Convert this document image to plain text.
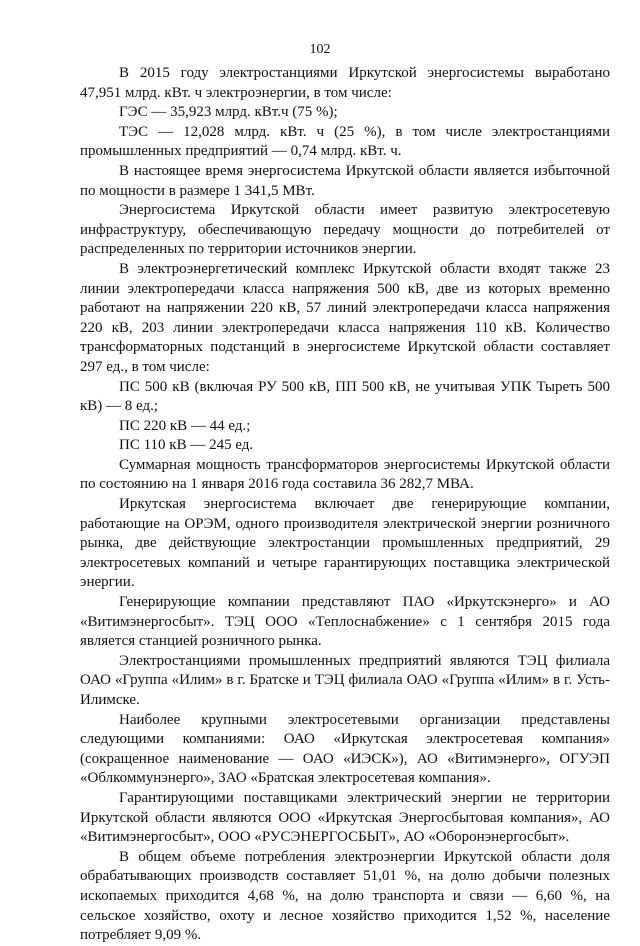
102

В 2015 году электростанциями Иркутской энергосистемы выработано 47,951 млрд. кВт. ч электроэнергии, в том числе:

ГЭС — 35,923 млрд. кВт.ч (75 %);

ТЭС — 12,028 млрд. кВт. ч (25 %), в том числе электростанциями промышленных предприятий — 0,74 млрд. кВт. ч.

В настоящее время энергосистема Иркутской области является избыточной по мощности в размере 1 341,5 МВт.

Энергосистема Иркутской области имеет развитую электросетевую инфраструктуру, обеспечивающую передачу мощности до потребителей от распределенных по территории источников энергии.

В электроэнергетический комплекс Иркутской области входят также 23 линии электропередачи класса напряжения 500 кВ, две из которых временно работают на напряжении 220 кВ, 57 линий электропередачи класса напряжения 220 кВ, 203 линии электропередачи класса напряжения 110 кВ. Количество трансформаторных подстанций в энергосистеме Иркутской области составляет 297 ед., в том числе:

ПС 500 кВ (включая РУ 500 кВ, ПП 500 кВ, не учитывая УПК Тыреть 500 кВ) — 8 ед.;

ПС 220 кВ — 44 ед.;

ПС 110 кВ — 245 ед.

Суммарная мощность трансформаторов энергосистемы Иркутской области по состоянию на 1 января 2016 года составила 36 282,7 МВА.

Иркутская энергосистема включает две генерирующие компании, работающие на ОРЭМ, одного производителя электрической энергии розничного рынка, две действующие электростанции промышленных предприятий, 29 электросетевых компаний и четыре гарантирующих поставщика электрической энергии.

Генерирующие компании представляют ПАО «Иркутскэнерго» и АО «Витимэнергосбыт». ТЭЦ ООО «Теплоснабжение» с 1 сентября 2015 года является станцией розничного рынка.

Электростанциями промышленных предприятий являются ТЭЦ филиала ОАО «Группа «Илим» в г. Братске и ТЭЦ филиала ОАО «Группа «Илим» в г. Усть-Илимске.

Наиболее крупными электросетевыми организации представлены следующими компаниями: ОАО «Иркутская электросетевая компания» (сокращенное наименование — ОАО «ИЭСК»), АО «Витимэнерго», ОГУЭП «Облкоммунэнерго», ЗАО «Братская электросетевая компания».

Гарантирующими поставщиками электрический энергии не территории Иркутской области являются ООО «Иркутская Энергосбытовая компания», АО «Витимэнергосбыт», ООО «РУСЭНЕРГОСБЫТ», АО «Оборонэнергосбыт».

В общем объеме потребления электроэнергии Иркутской области доля обрабатывающих производств составляет 51,01 %, на долю добычи полезных ископаемых приходится 4,68 %, на долю транспорта и связи — 6,60 %, на сельское хозяйство, охоту и лесное хозяйство приходится 1,52 %, население потребляет 9,09 %.
